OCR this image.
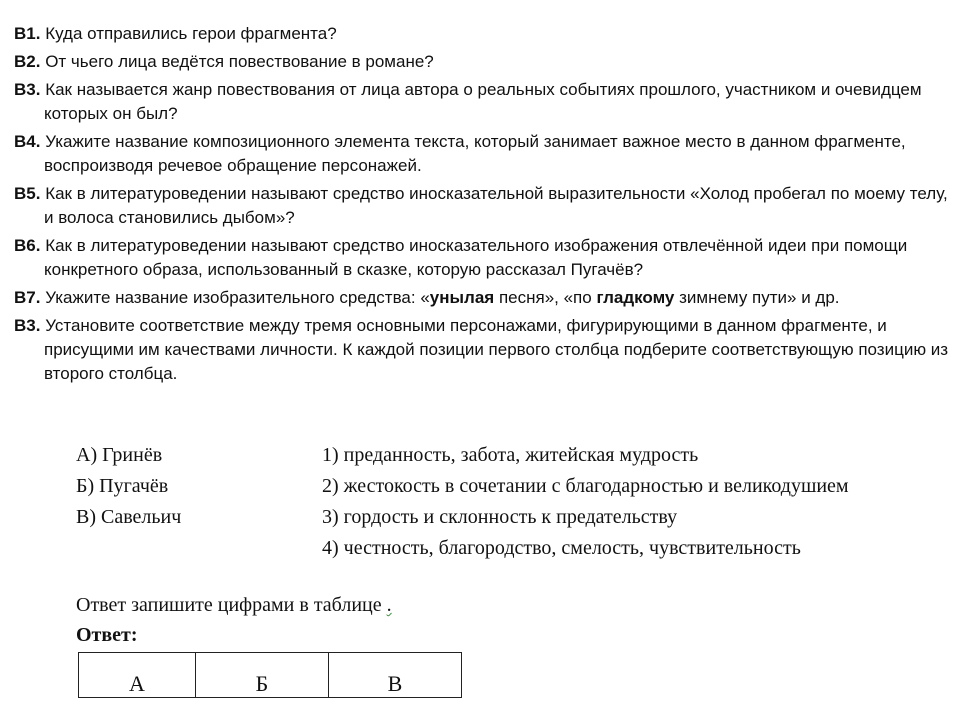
В1. Куда отправились герои фрагмента?

В2. От чьего лица ведётся повествование в романе?

В3. Как называется жанр повествования от лица автора о реальных событиях прошлого, участником и очевидцем которых он был?

В4. Укажите название композиционного элемента текста, который занимает важное место в данном фрагменте, воспроизводя речевое обращение персонажей.

В5. Как в литературоведении называют средство иносказательной выразительности «Холод пробегал по моему телу, и волоса становились дыбом»?

В6. Как в литературоведении называют средство иносказательного изображения отвлечённой идеи при помощи конкретного образа, использованный в сказке, которую рассказал Пугачёв?

В7. Укажите название изобразительного средства: «унылая песня», «по гладкому зимнему пути» и др.

В3. Установите соответствие между тремя основными персонажами, фигурирующими в данном фрагменте, и присущими им качествами личности. К каждой позиции первого столбца подберите соответствующую позицию из второго столбца.

А) Гринёв	1) преданность, забота, житейская мудрость
Б) Пугачёв	2) жестокость в сочетании с благодарностью и великодушием
В) Савельич	3) гордость и склонность к предательству
4) честность, благородство, смелость, чувствительность
Ответ запишите цифрами в таблице .
Ответ:
А	Б	В
